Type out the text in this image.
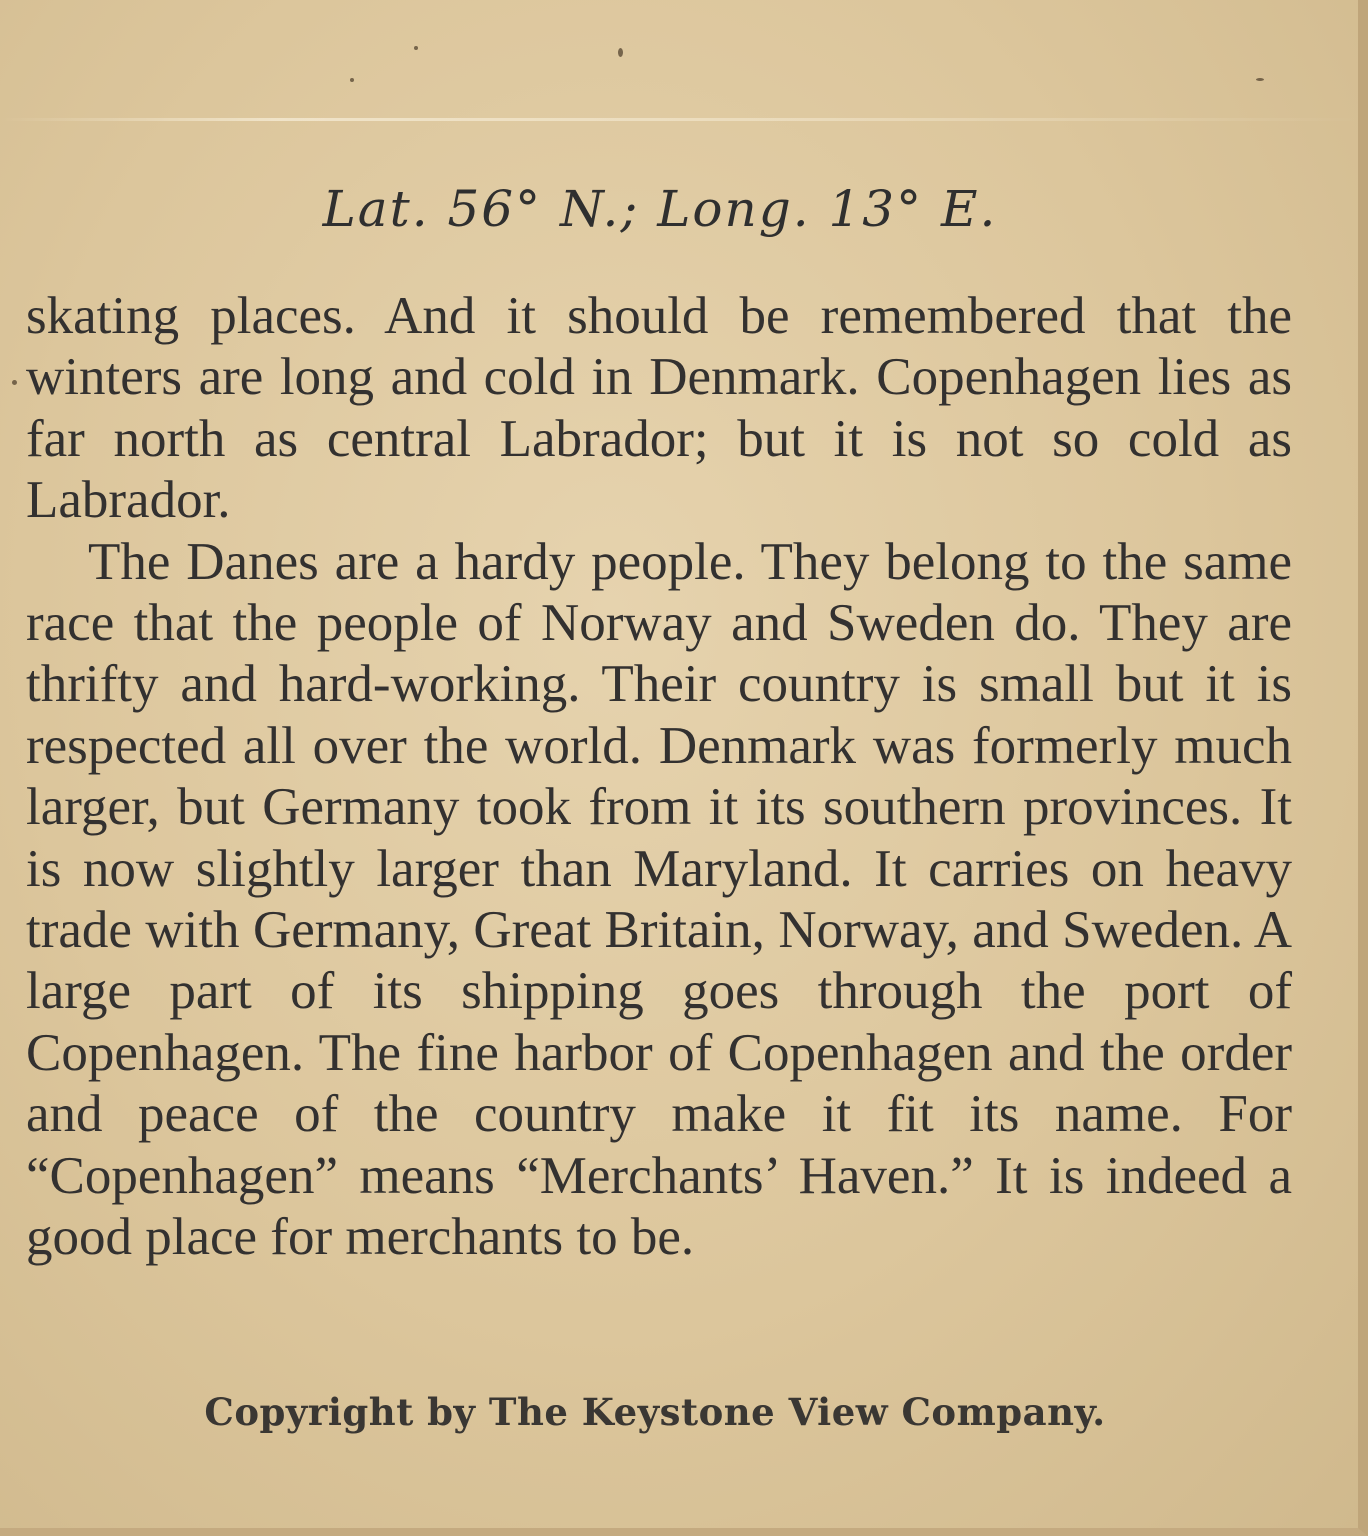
Lat. 56° N.; Long. 13° E.

skating places. And it should be remembered that the winters are long and cold in Denmark. Copenhagen lies as far north as central Labrador; but it is not so cold as Labrador.

The Danes are a hardy people. They belong to the same race that the people of Norway and Sweden do. They are thrifty and hard-working. Their country is small but it is respected all over the world. Denmark was formerly much larger, but Germany took from it its southern provinces. It is now slightly larger than Maryland. It carries on heavy trade with Germany, Great Britain, Norway, and Sweden. A large part of its shipping goes through the port of Copenhagen. The fine harbor of Copenhagen and the order and peace of the country make it fit its name. For “Copenhagen” means “Merchants’ Haven.” It is indeed a good place for merchants to be.

Copyright by The Keystone View Company.
